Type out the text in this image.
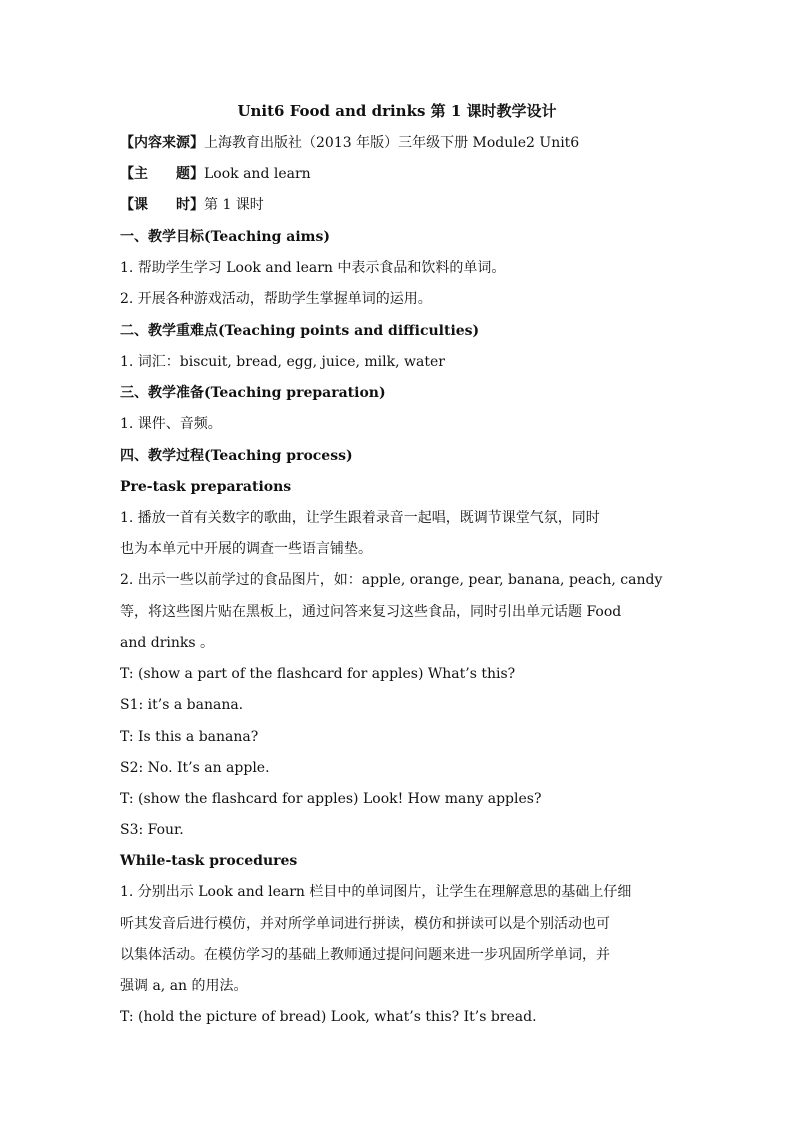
Unit6 Food and drinks 第 1 课时教学设计
【内容来源】上海教育出版社（2013 年版）三年级下册 Module2 Unit6
【主 题】Look and learn
【课 时】第 1 课时
一、教学目标(Teaching aims)
1. 帮助学生学习 Look and learn 中表示食品和饮料的单词。
2. 开展各种游戏活动，帮助学生掌握单词的运用。
二、教学重难点(Teaching points and difficulties)
1. 词汇：biscuit, bread, egg, juice, milk, water
三、教学准备(Teaching preparation)
1. 课件、音频。
四、教学过程(Teaching process)
Pre-task preparations
1. 播放一首有关数字的歌曲，让学生跟着录音一起唱，既调节课堂气氛，同时
也为本单元中开展的调查一些语言铺垫。
2. 出示一些以前学过的食品图片，如：apple, orange, pear, banana, peach, candy
等，将这些图片贴在黑板上，通过问答来复习这些食品，同时引出单元话题 Food
and drinks 。
T: (show a part of the flashcard for apples) What’s this?
S1: it’s a banana.
T: Is this a banana?
S2: No. It’s an apple.
T: (show the flashcard for apples) Look! How many apples?
S3: Four.
While-task procedures
1. 分别出示 Look and learn 栏目中的单词图片，让学生在理解意思的基础上仔细
听其发音后进行模仿，并对所学单词进行拼读，模仿和拼读可以是个别活动也可
以集体活动。在模仿学习的基础上教师通过提问问题来进一步巩固所学单词，并
强调 a, an 的用法。
T: (hold the picture of bread) Look, what’s this? It’s bread.
